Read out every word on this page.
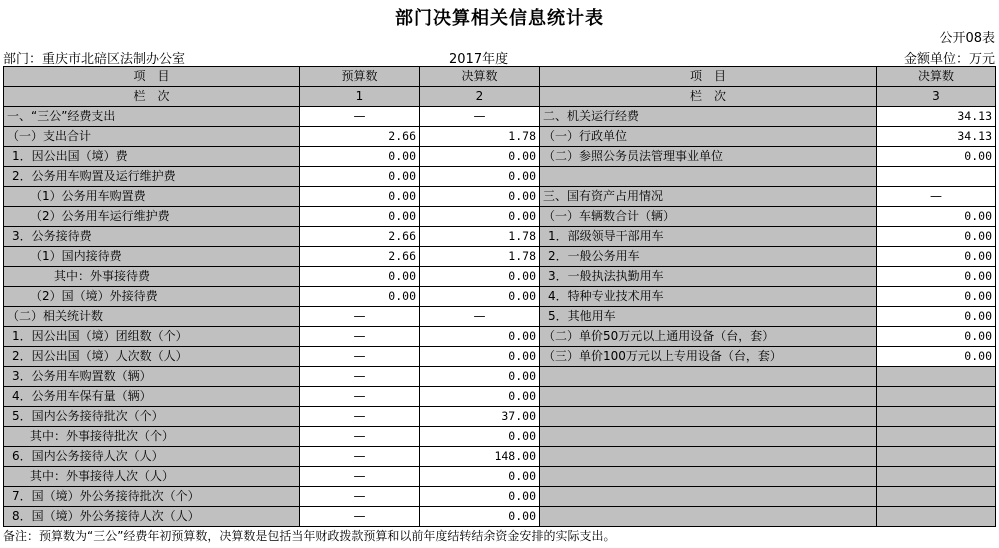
部门决算相关信息统计表
公开08表
部门：重庆市北碚区法制办公室	2017年度	金额单位：万元
项　目	预算数	决算数	项　目	决算数
栏　次	1	2	栏　次	3
一、“三公”经费支出	—	—	二、机关运行经费	34.13
（一）支出合计	2.66	1.78	（一）行政单位	34.13
1．因公出国（境）费	0.00	0.00	（二）参照公务员法管理事业单位	0.00
2．公务用车购置及运行维护费	0.00	0.00		
（1）公务用车购置费	0.00	0.00	三、国有资产占用情况	—
（2）公务用车运行维护费	0.00	0.00	（一）车辆数合计（辆）	0.00
3．公务接待费	2.66	1.78	1．部级领导干部用车	0.00
（1）国内接待费	2.66	1.78	2．一般公务用车	0.00
其中：外事接待费	0.00	0.00	3．一般执法执勤用车	0.00
（2）国（境）外接待费	0.00	0.00	4．特种专业技术用车	0.00
（二）相关统计数	—	—	5．其他用车	0.00
1．因公出国（境）团组数（个）	—	0.00	（二）单价50万元以上通用设备（台，套）	0.00
2．因公出国（境）人次数（人）	—	0.00	（三）单价100万元以上专用设备（台，套）	0.00
3．公务用车购置数（辆）	—	0.00		
4．公务用车保有量（辆）	—	0.00		
5．国内公务接待批次（个）	—	37.00		
其中：外事接待批次（个）	—	0.00		
6．国内公务接待人次（人）	—	148.00		
其中：外事接待人次（人）	—	0.00		
7．国（境）外公务接待批次（个）	—	0.00		
8．国（境）外公务接待人次（人）	—	0.00		
备注：预算数为“三公”经费年初预算数，决算数是包括当年财政拨款预算和以前年度结转结余资金安排的实际支出。
